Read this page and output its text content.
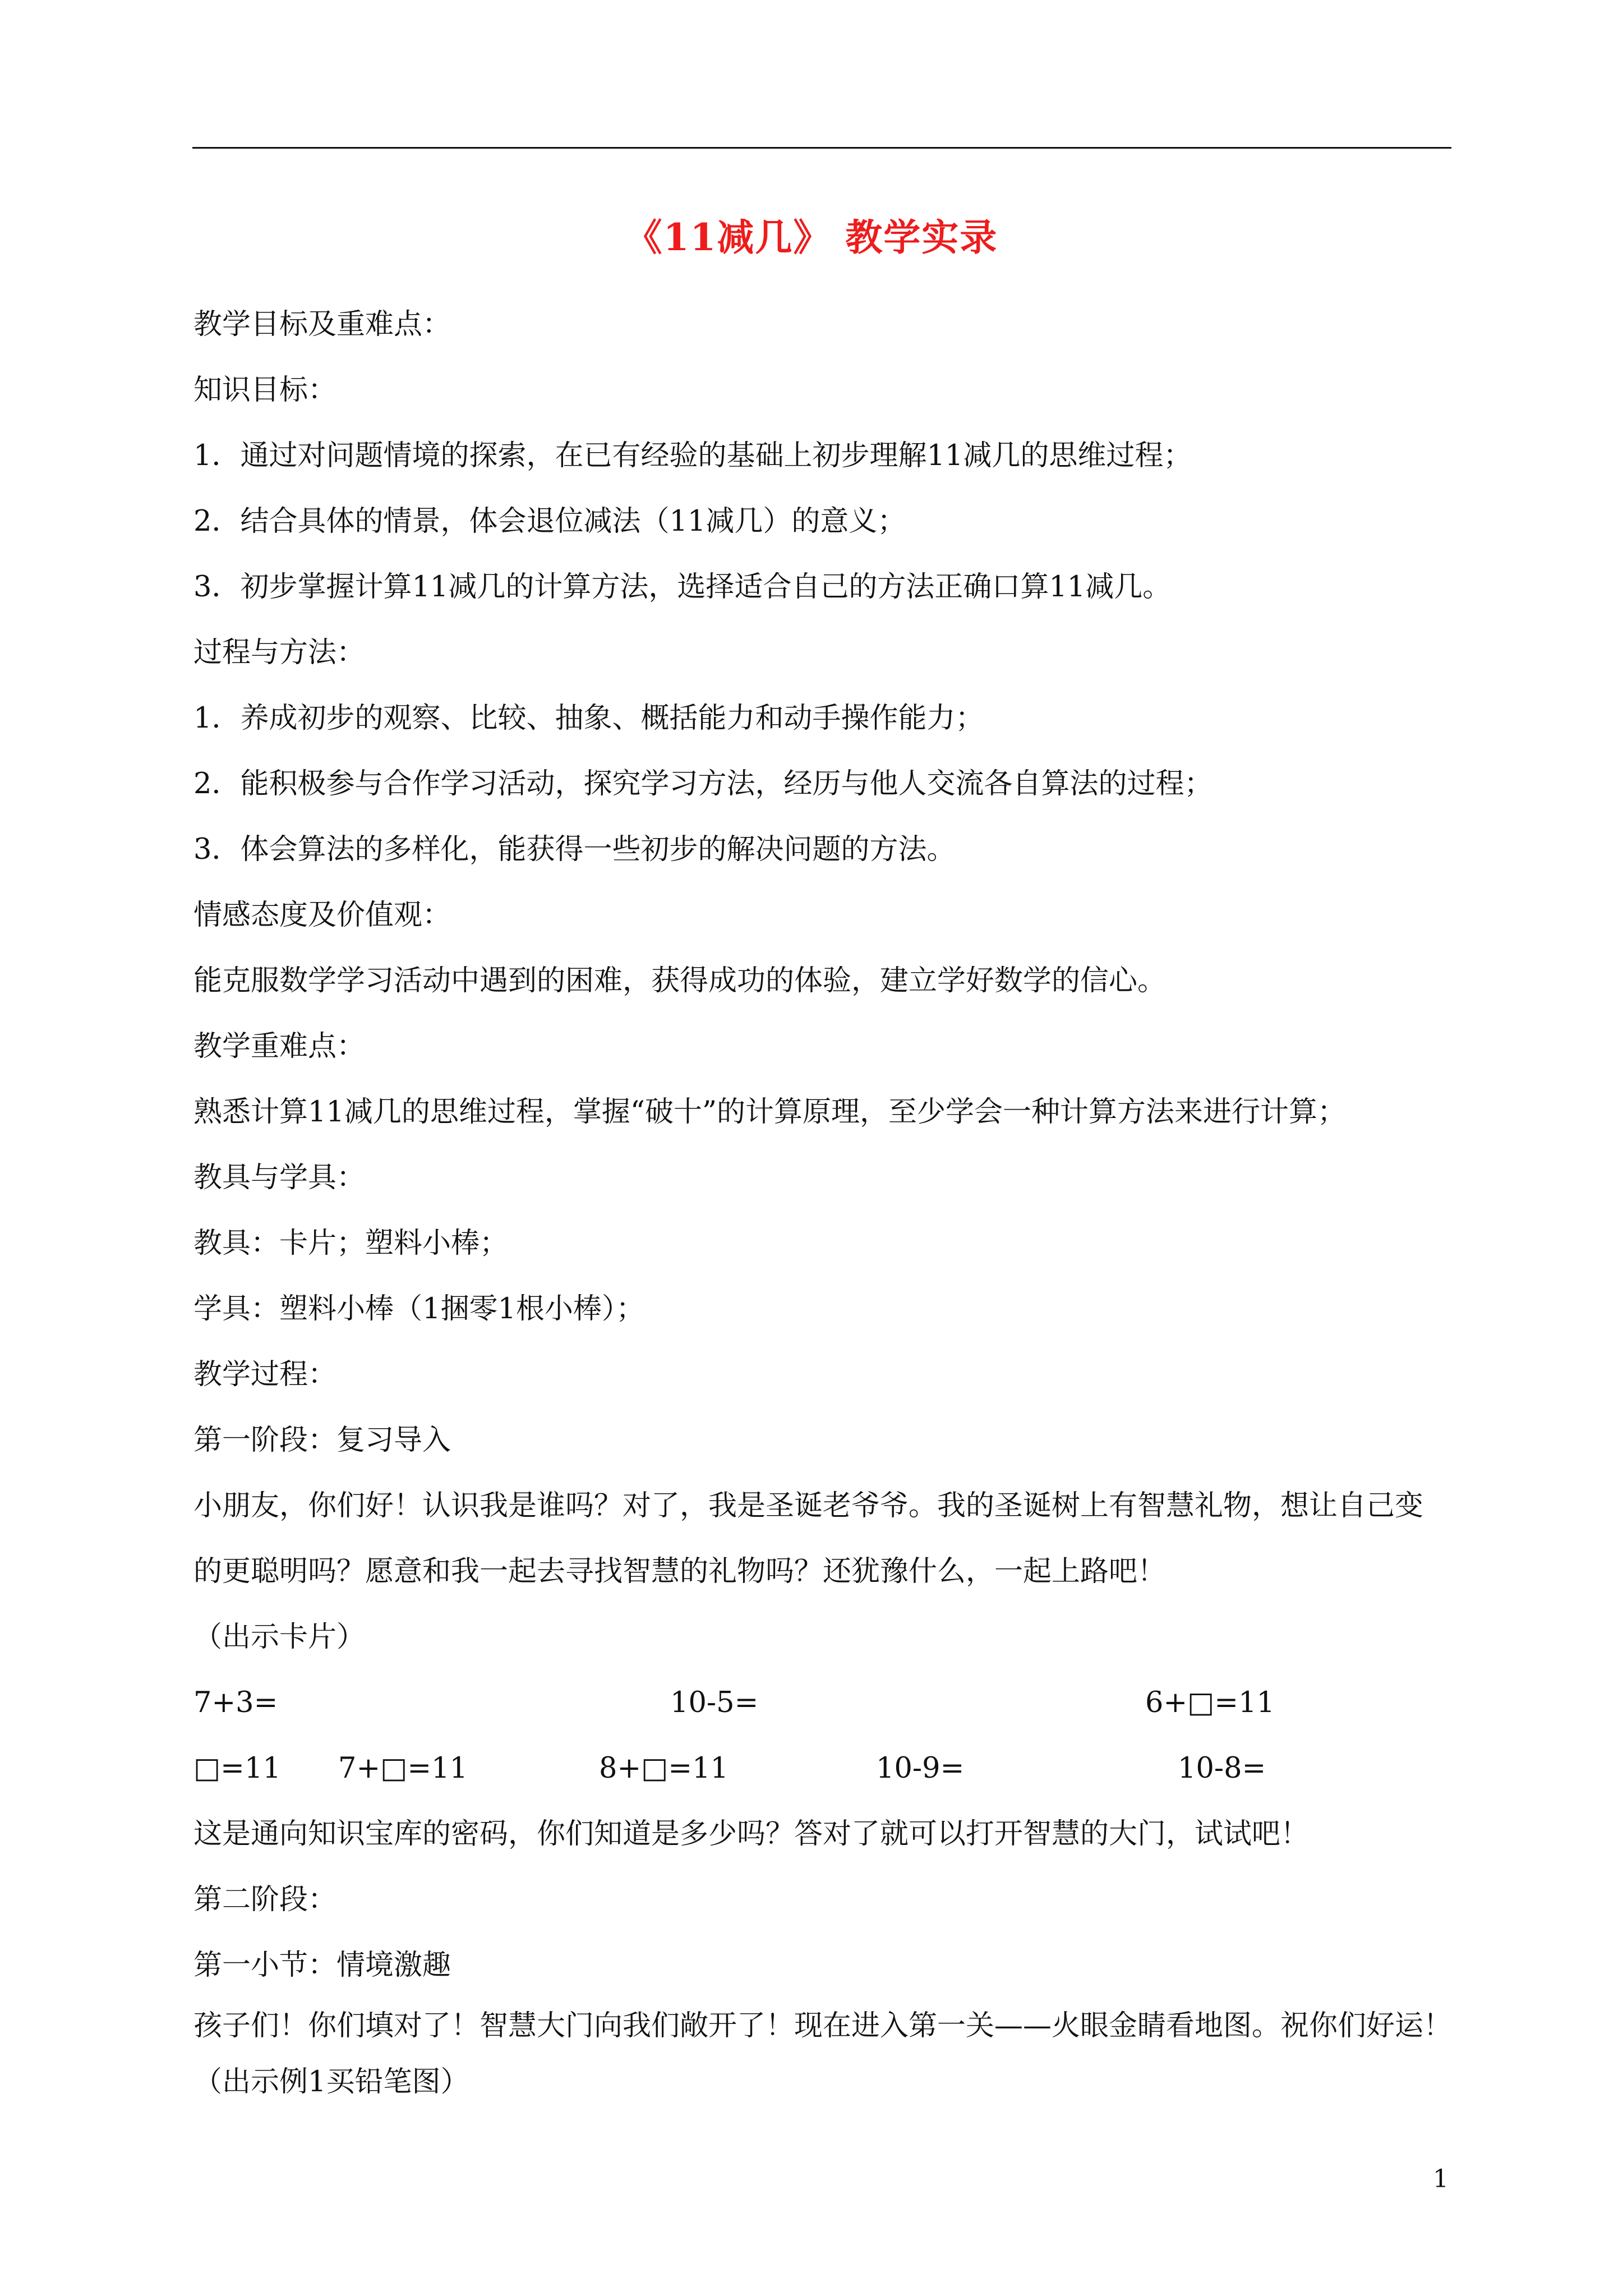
《11减几》 教学实录
教学目标及重难点：
知识目标：
1．通过对问题情境的探索，在已有经验的基础上初步理解11减几的思维过程；
2．结合具体的情景，体会退位减法（11减几）的意义；
3．初步掌握计算11减几的计算方法，选择适合自己的方法正确口算11减几。
过程与方法：
1．养成初步的观察、比较、抽象、概括能力和动手操作能力；
2．能积极参与合作学习活动，探究学习方法，经历与他人交流各自算法的过程；
3．体会算法的多样化，能获得一些初步的解决问题的方法。
情感态度及价值观：
能克服数学学习活动中遇到的困难，获得成功的体验，建立学好数学的信心。
教学重难点：
熟悉计算11减几的思维过程，掌握“破十”的计算原理，至少学会一种计算方法来进行计算；
教具与学具：
教具：卡片；塑料小棒；
学具：塑料小棒（1捆零1根小棒）；
教学过程：
第一阶段：复习导入
小朋友，你们好！认识我是谁吗？对了，我是圣诞老爷爷。我的圣诞树上有智慧礼物，想让自己变
的更聪明吗？愿意和我一起去寻找智慧的礼物吗？还犹豫什么，一起上路吧！
（出示卡片）
7+3=	10-5=	6+□=11
□=11 7+□=11	8+□=11	10-9=	10-8=
这是通向知识宝库的密码，你们知道是多少吗？答对了就可以打开智慧的大门，试试吧！
第二阶段：
第一小节：情境激趣
孩子们！你们填对了！智慧大门向我们敞开了！现在进入第一关——火眼金睛看地图。祝你们好运！
（出示例1买铅笔图）
1
